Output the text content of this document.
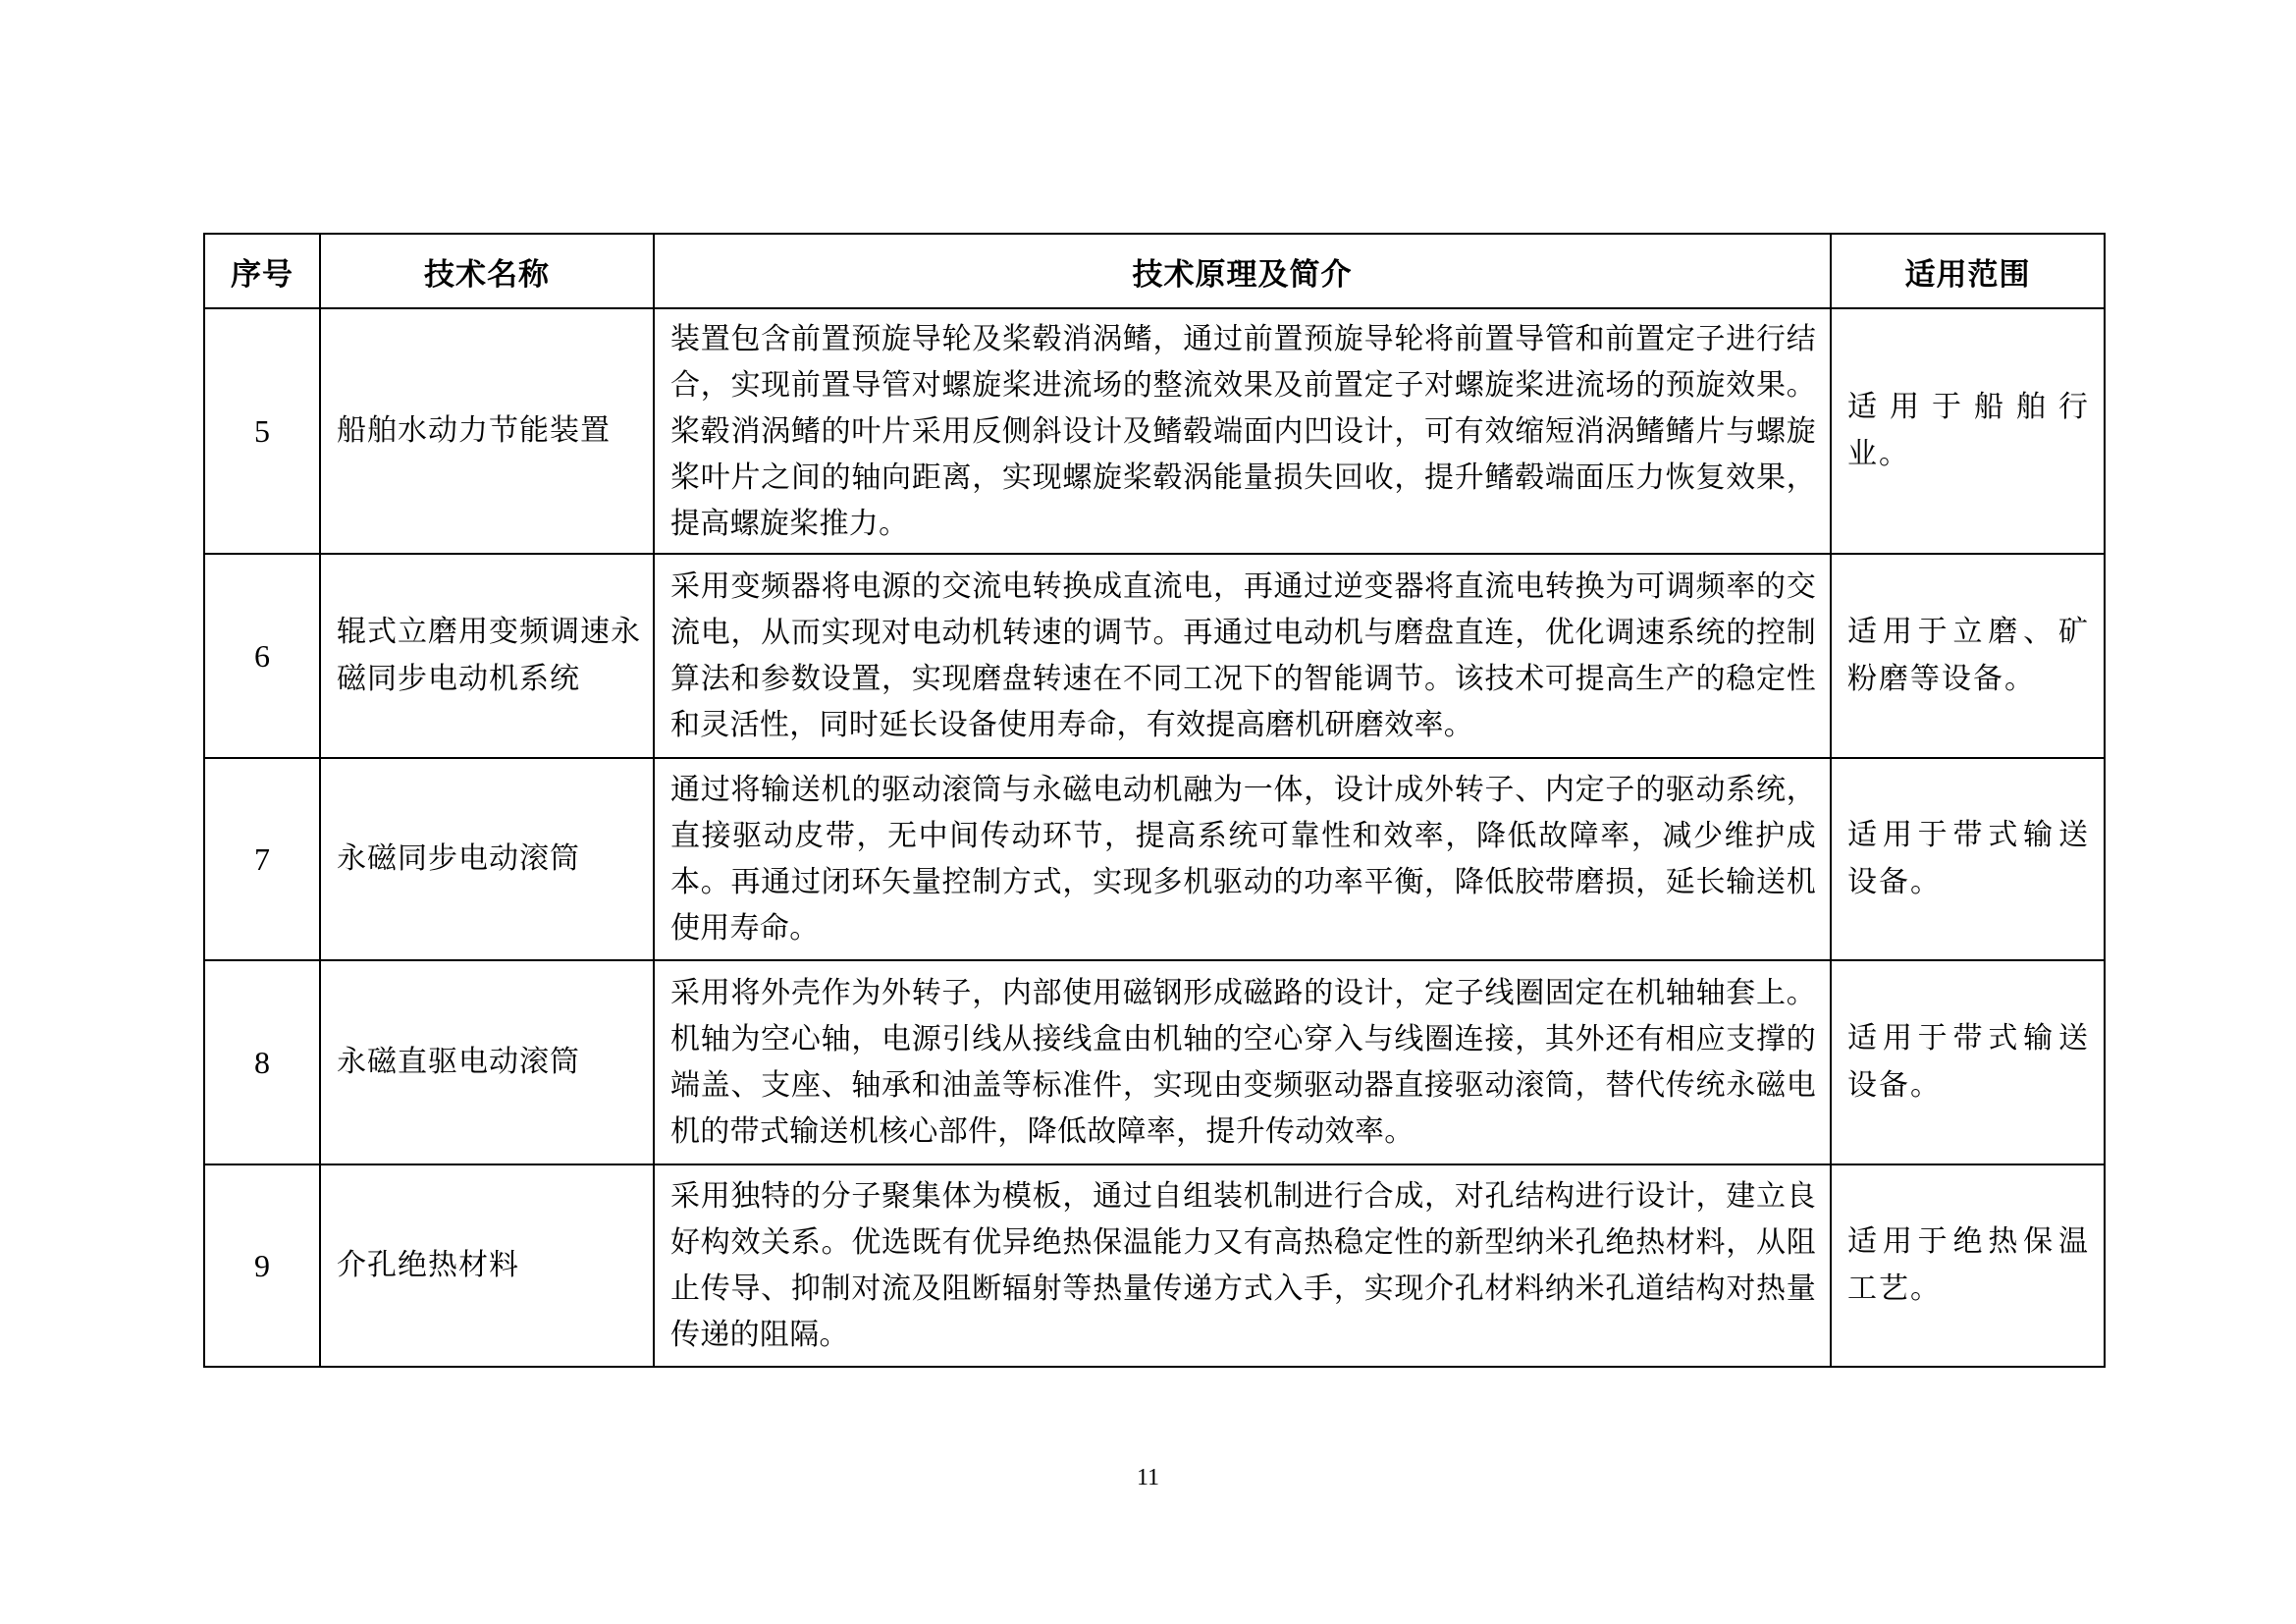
序号	技术名称	技术原理及简介	适用范围
5	船舶水动力节能装置	装置包含前置预旋导轮及桨毂消涡鳍，通过前置预旋导轮将前置导管和前置定子进行结合，实现前置导管对螺旋桨进流场的整流效果及前置定子对螺旋桨进流场的预旋效果。桨毂消涡鳍的叶片采用反侧斜设计及鳍毂端面内凹设计，可有效缩短消涡鳍鳍片与螺旋桨叶片之间的轴向距离，实现螺旋桨毂涡能量损失回收，提升鳍毂端面压力恢复效果，提高螺旋桨推力。	适用于船舶行业。
6	辊式立磨用变频调速永磁同步电动机系统	采用变频器将电源的交流电转换成直流电，再通过逆变器将直流电转换为可调频率的交流电，从而实现对电动机转速的调节。再通过电动机与磨盘直连，优化调速系统的控制算法和参数设置，实现磨盘转速在不同工况下的智能调节。该技术可提高生产的稳定性和灵活性，同时延长设备使用寿命，有效提高磨机研磨效率。	适用于立磨、矿粉磨等设备。
7	永磁同步电动滚筒	通过将输送机的驱动滚筒与永磁电动机融为一体，设计成外转子、内定子的驱动系统，直接驱动皮带，无中间传动环节，提高系统可靠性和效率，降低故障率，减少维护成本。再通过闭环矢量控制方式，实现多机驱动的功率平衡，降低胶带磨损，延长输送机使用寿命。	适用于带式输送设备。
8	永磁直驱电动滚筒	采用将外壳作为外转子，内部使用磁钢形成磁路的设计，定子线圈固定在机轴轴套上。机轴为空心轴，电源引线从接线盒由机轴的空心穿入与线圈连接，其外还有相应支撑的端盖、支座、轴承和油盖等标准件，实现由变频驱动器直接驱动滚筒，替代传统永磁电机的带式输送机核心部件，降低故障率，提升传动效率。	适用于带式输送设备。
9	介孔绝热材料	采用独特的分子聚集体为模板，通过自组装机制进行合成，对孔结构进行设计，建立良好构效关系。优选既有优异绝热保温能力又有高热稳定性的新型纳米孔绝热材料，从阻止传导、抑制对流及阻断辐射等热量传递方式入手，实现介孔材料纳米孔道结构对热量传递的阻隔。	适用于绝热保温工艺。
11
